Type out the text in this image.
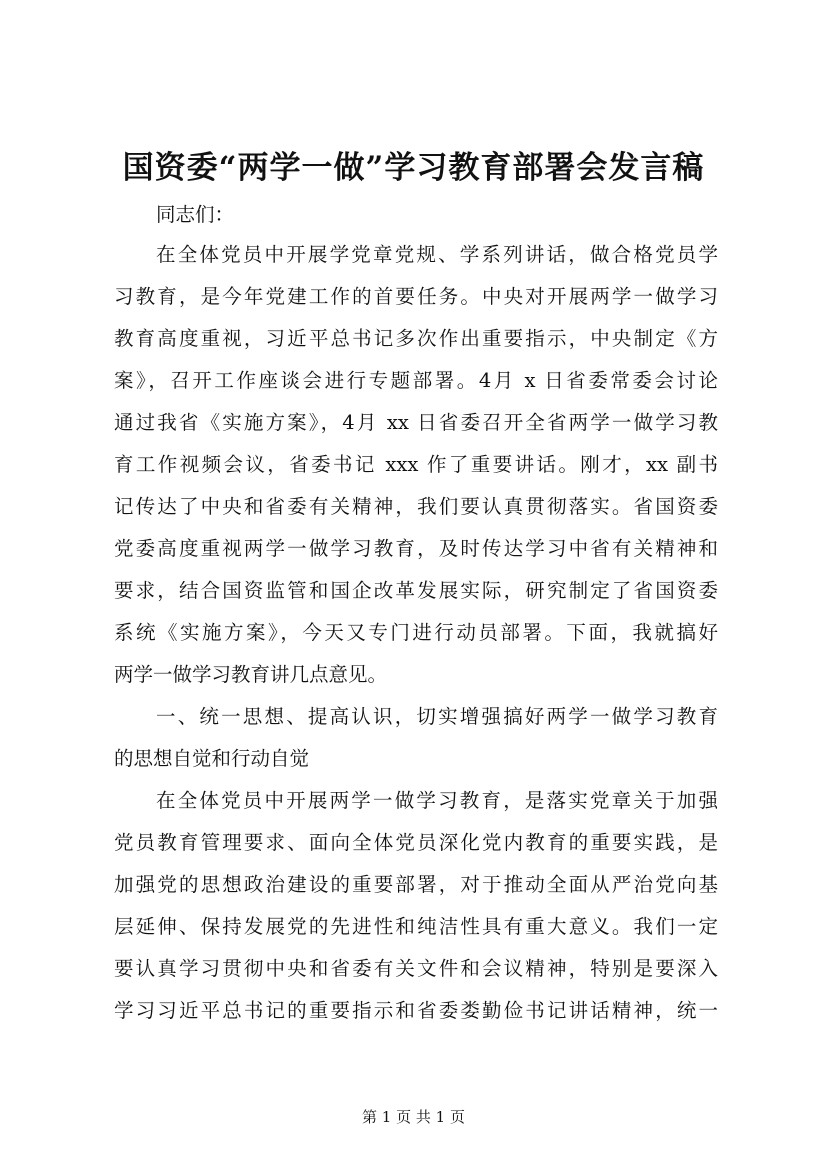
国资委“两学一做”学习教育部署会发言稿
同志们：
在全体党员中开展学党章党规、学系列讲话，做合格党员学
习教育，是今年党建工作的首要任务。中央对开展两学一做学习
教育高度重视，习近平总书记多次作出重要指示，中央制定《方
案》，召开工作座谈会进行专题部署。4月 x 日省委常委会讨论
通过我省《实施方案》，4月 xx 日省委召开全省两学一做学习教
育工作视频会议，省委书记 xxx 作了重要讲话。刚才，xx 副书
记传达了中央和省委有关精神，我们要认真贯彻落实。省国资委
党委高度重视两学一做学习教育，及时传达学习中省有关精神和
要求，结合国资监管和国企改革发展实际，研究制定了省国资委
系统《实施方案》，今天又专门进行动员部署。下面，我就搞好
两学一做学习教育讲几点意见。
一、统一思想、提高认识，切实增强搞好两学一做学习教育
的思想自觉和行动自觉
在全体党员中开展两学一做学习教育，是落实党章关于加强
党员教育管理要求、面向全体党员深化党内教育的重要实践，是
加强党的思想政治建设的重要部署，对于推动全面从严治党向基
层延伸、保持发展党的先进性和纯洁性具有重大意义。我们一定
要认真学习贯彻中央和省委有关文件和会议精神，特别是要深入
学习习近平总书记的重要指示和省委娄勤俭书记讲话精神，统一
第 1 页 共 1 页
